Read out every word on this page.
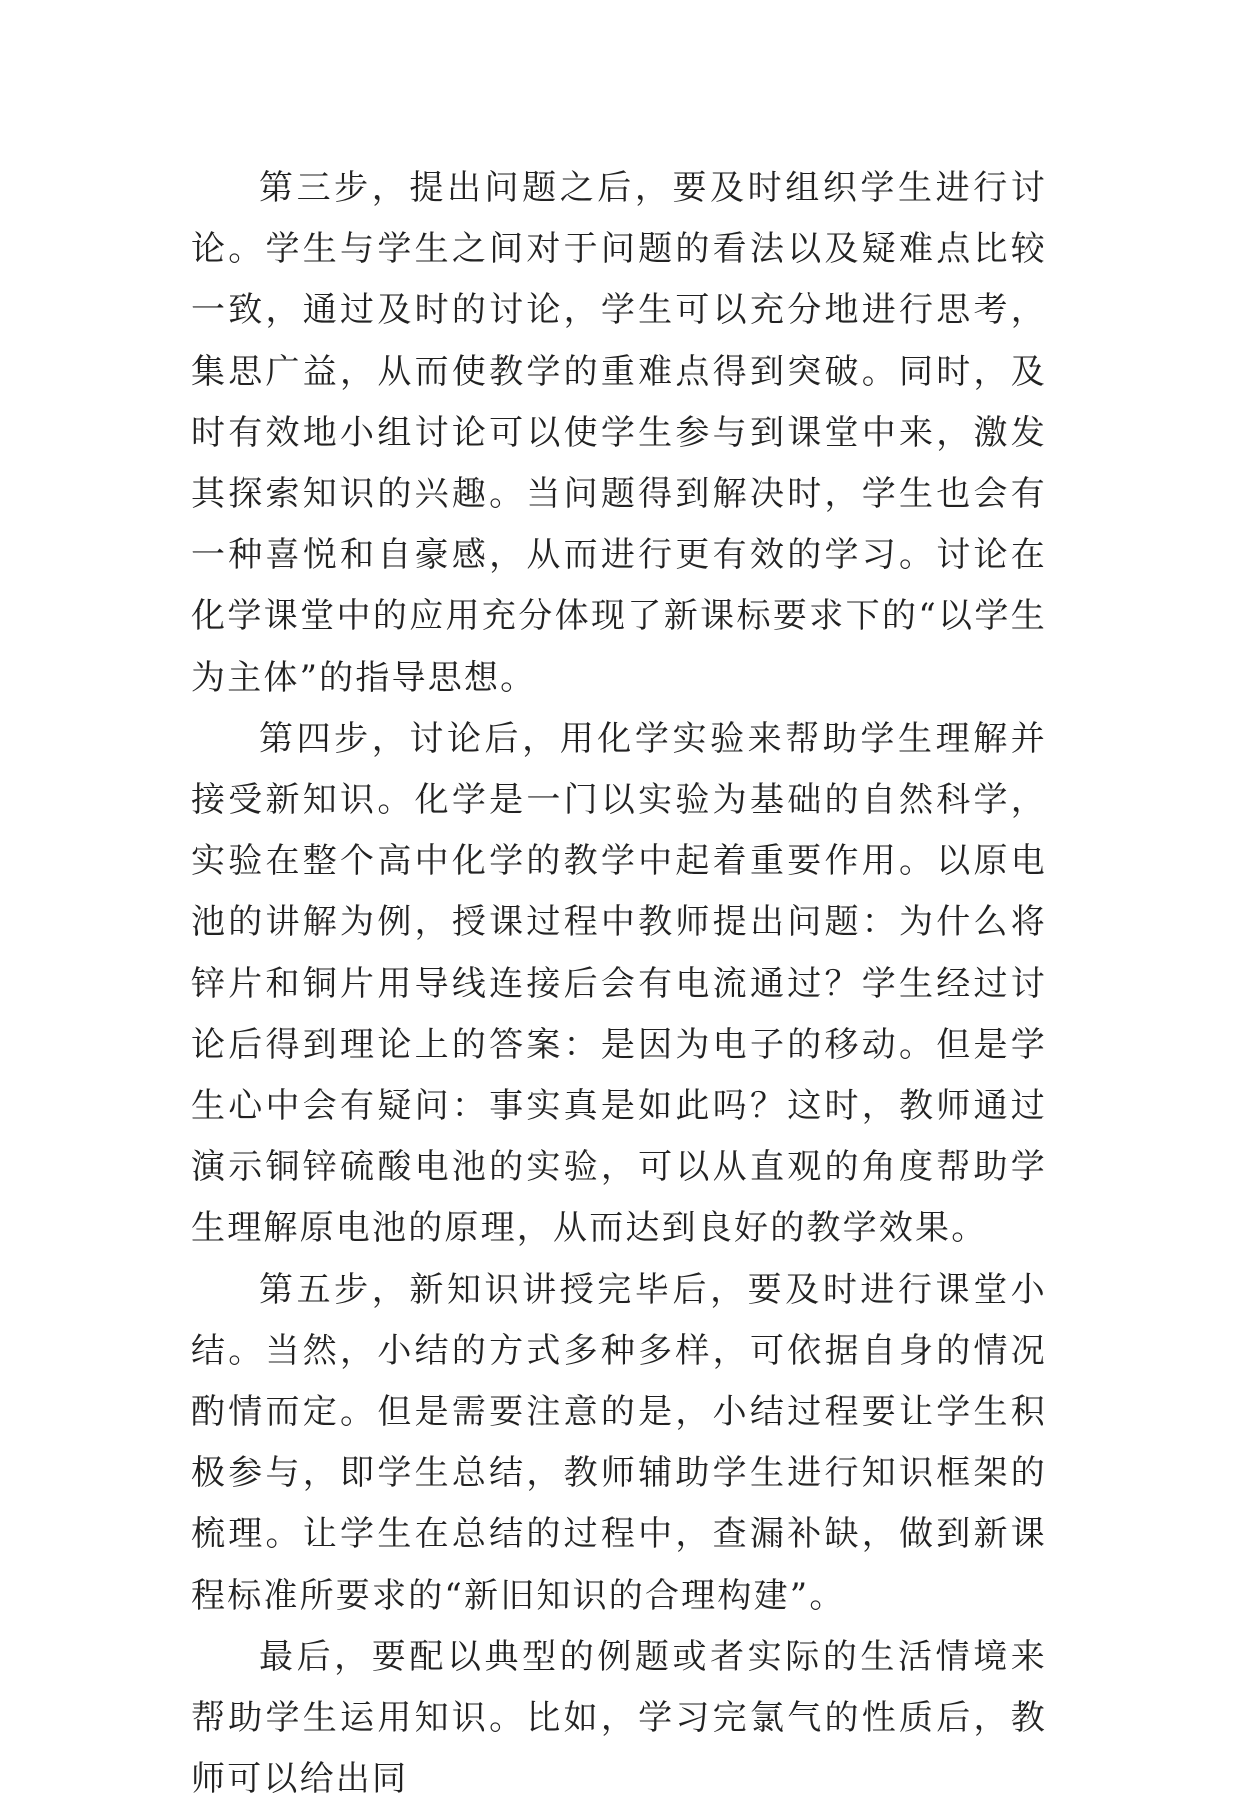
第三步，提出问题之后，要及时组织学生进行讨论。学生与学生之间对于问题的看法以及疑难点比较一致，通过及时的讨论，学生可以充分地进行思考，集思广益，从而使教学的重难点得到突破。同时，及时有效地小组讨论可以使学生参与到课堂中来，激发其探索知识的兴趣。当问题得到解决时，学生也会有一种喜悦和自豪感，从而进行更有效的学习。讨论在化学课堂中的应用充分体现了新课标要求下的“以学生为主体”的指导思想。

第四步，讨论后，用化学实验来帮助学生理解并接受新知识。化学是一门以实验为基础的自然科学，实验在整个高中化学的教学中起着重要作用。以原电池的讲解为例，授课过程中教师提出问题：为什么将锌片和铜片用导线连接后会有电流通过？学生经过讨论后得到理论上的答案：是因为电子的移动。但是学生心中会有疑问：事实真是如此吗？这时，教师通过演示铜锌硫酸电池的实验，可以从直观的角度帮助学生理解原电池的原理，从而达到良好的教学效果。

第五步，新知识讲授完毕后，要及时进行课堂小结。当然，小结的方式多种多样，可依据自身的情况酌情而定。但是需要注意的是，小结过程要让学生积极参与，即学生总结，教师辅助学生进行知识框架的梳理。让学生在总结的过程中，查漏补缺，做到新课程标准所要求的“新旧知识的合理构建”。

最后，要配以典型的例题或者实际的生活情境来帮助学生运用知识。比如，学习完氯气的性质后，教师可以给出同
